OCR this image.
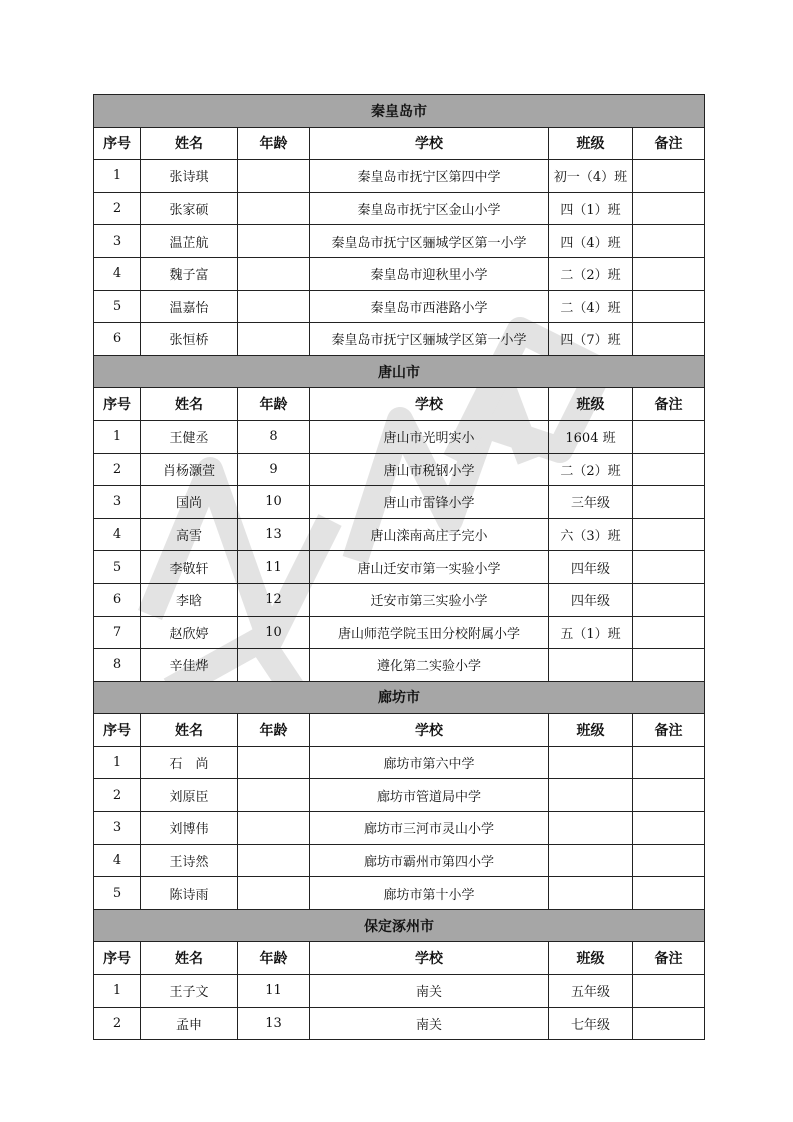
秦皇岛市					
序号	姓名	年龄	学校	班级	备注
1	张诗琪		秦皇岛市抚宁区第四中学	初一（4）班	
2	张家硕		秦皇岛市抚宁区金山小学	四（1）班	
3	温芷航		秦皇岛市抚宁区骊城学区第一小学	四（4）班	
4	魏子富		秦皇岛市迎秋里小学	二（2）班	
5	温嘉怡		秦皇岛市西港路小学	二（4）班	
6	张恒桥		秦皇岛市抚宁区骊城学区第一小学	四（7）班	
唐山市					
序号	姓名	年龄	学校	班级	备注
1	王健丞	8	唐山市光明实小	1604 班	
2	肖杨灏萱	9	唐山市税钢小学	二（2）班	
3	国尚	10	唐山市雷锋小学	三年级	
4	高雪	13	唐山滦南高庄子完小	六（3）班	
5	李敬轩	11	唐山迁安市第一实验小学	四年级	
6	李晗	12	迁安市第三实验小学	四年级	
7	赵欣婷	10	唐山师范学院玉田分校附属小学	五（1）班	
8	辛佳烨		遵化第二实验小学		
廊坊市					
序号	姓名	年龄	学校	班级	备注
1	石　尚		廊坊市第六中学		
2	刘原臣		廊坊市管道局中学		
3	刘博伟		廊坊市三河市灵山小学		
4	王诗然		廊坊市霸州市第四小学		
5	陈诗雨		廊坊市第十小学		
保定涿州市					
序号	姓名	年龄	学校	班级	备注
1	王子文	11	南关	五年级	
2	孟申	13	南关	七年级	
